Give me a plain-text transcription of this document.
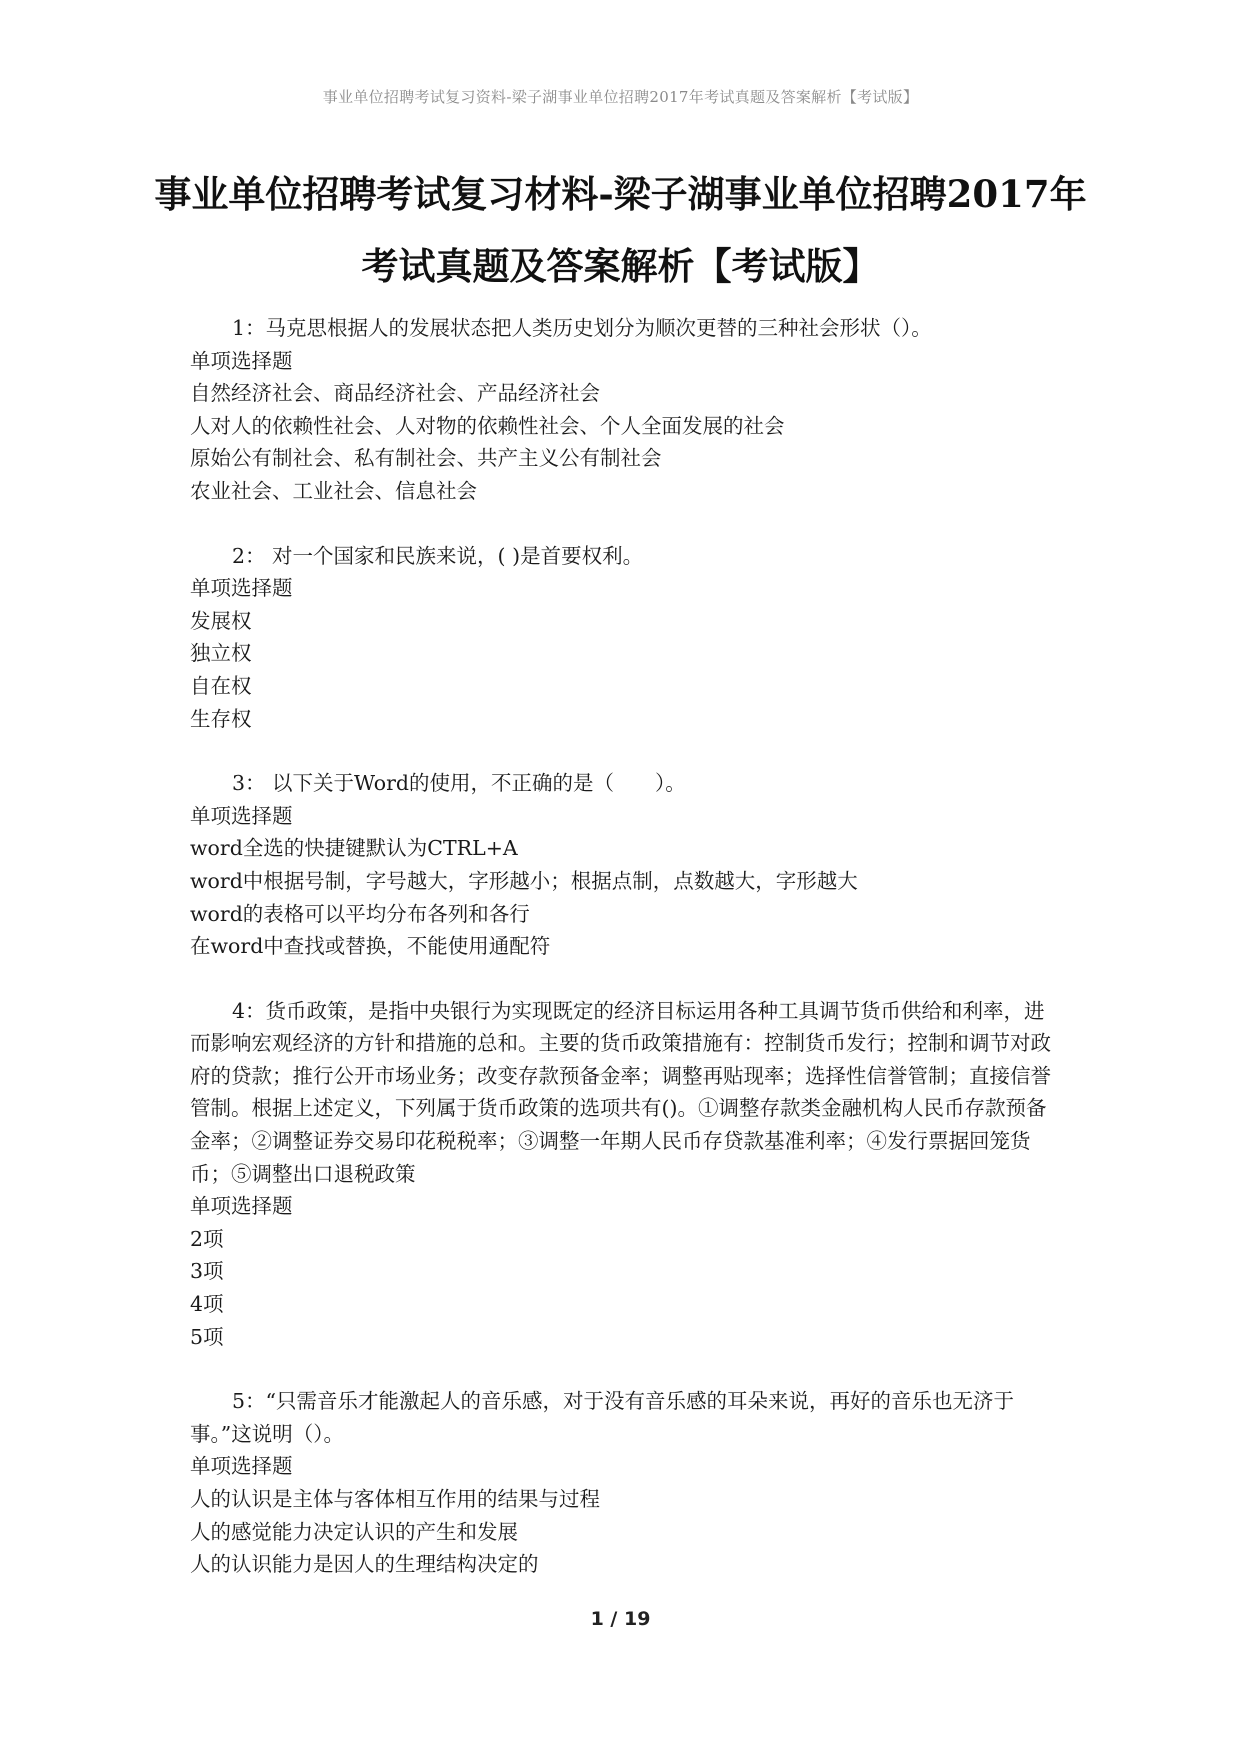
事业单位招聘考试复习资料-梁子湖事业单位招聘2017年考试真题及答案解析【考试版】
事业单位招聘考试复习材料-梁子湖事业单位招聘2017年
考试真题及答案解析【考试版】

1：马克思根据人的发展状态把人类历史划分为顺次更替的三种社会形状（）。

单项选择题
自然经济社会、商品经济社会、产品经济社会
人对人的依赖性社会、人对物的依赖性社会、个人全面发展的社会
原始公有制社会、私有制社会、共产主义公有制社会
农业社会、工业社会、信息社会

2： 对一个国家和民族来说，( )是首要权利。

单项选择题
发展权
独立权
自在权
生存权

3： 以下关于Word的使用，不正确的是（　　）。

单项选择题
word全选的快捷键默认为CTRL+A
word中根据号制，字号越大，字形越小；根据点制，点数越大，字形越大
word的表格可以平均分布各列和各行
在word中查找或替换，不能使用通配符

4：货币政策，是指中央银行为实现既定的经济目标运用各种工具调节货币供给和利率，进而影响宏观经济的方针和措施的总和。主要的货币政策措施有：控制货币发行；控制和调节对政府的贷款；推行公开市场业务；改变存款预备金率；调整再贴现率；选择性信誉管制；直接信誉管制。根据上述定义，下列属于货币政策的选项共有()。①调整存款类金融机构人民币存款预备金率；②调整证券交易印花税税率；③调整一年期人民币存贷款基准利率；④发行票据回笼货币；⑤调整出口退税政策

单项选择题
2项
3项
4项
5项

5：“只需音乐才能激起人的音乐感，对于没有音乐感的耳朵来说，再好的音乐也无济于事。”这说明（）。

单项选择题
人的认识是主体与客体相互作用的结果与过程
人的感觉能力决定认识的产生和发展
人的认识能力是因人的生理结构决定的
1 / 19
